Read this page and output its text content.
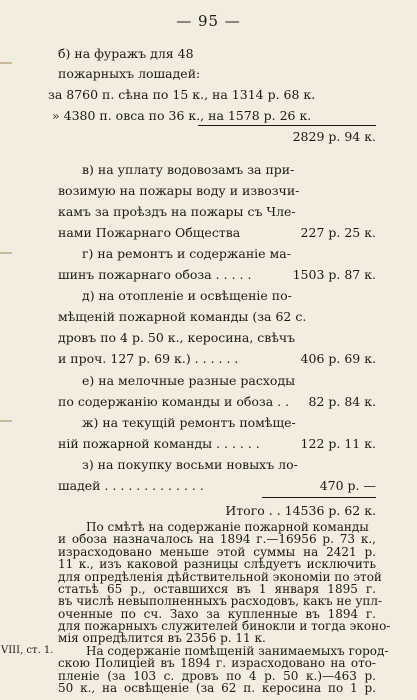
— 95 —
VIII, ст. 1.
б) на фуражъ для 48
пожарныхъ лошадей:
за 8760 п. сѣна по 15 к., на 1314 р. 68 к.
» 4380 п. овса по 36 к., на 1578 р. 26 к.
2829 р. 94 к.
в) на уплату водовозамъ за при-
возимую на пожары воду и извозчи-
камъ за проѣздъ на пожары съ Чле-
нами Пожарнаго Общества	227 р. 25 к.
г) на ремонтъ и содержаніе ма-
шинъ пожарнаго обоза . . . . .	1503 р. 87 к.
д) на отопленіе и освѣщеніе по-
мѣщеній пожарной команды (за 62 с.
дровъ по 4 р. 50 к., керосина, свѣчъ
и проч. 127 р. 69 к.) . . . . . .	406 р. 69 к.
е) на мелочные разные расходы
по содержанію команды и обоза . . 82 р. 84 к.
ж) на текущій ремонтъ помѣще-
ній пожарной команды . . . . . .	122 р. 11 к.
з) на покупку восьми новыхъ ло-
шадей . . . . . . . . . . . . .	470 р. —
Итого . . 14536 р. 62 к.
По смѣтѣ на содержаніе пожарной команды
и обоза назначалось на 1894 г.—16956 р. 73 к.,
израсходовано меньше этой суммы на 2421 р.
11 к., изъ каковой разницы слѣдуетъ исключить
для опредѣленія дѣйствительной экономіи по этой
статьѣ 65 р., оставшихся въ 1 января 1895 г.
въ числѣ невыполненныхъ расходовъ, какъ не упл-
оченные по сч. Захо за купленные въ 1894 г.
для пожарныхъ служителей бинокли и тогда эконо-
мія опредѣлится въ 2356 р. 11 к.
На содержаніе помѣщеній занимаемыхъ город-
скою Полиціей въ 1894 г. израсходовано на ото-
пленіе (за 103 с. дровъ по 4 р. 50 к.)—463 р.
50 к., на освѣщеніе (за 62 п. керосина по 1 р.
